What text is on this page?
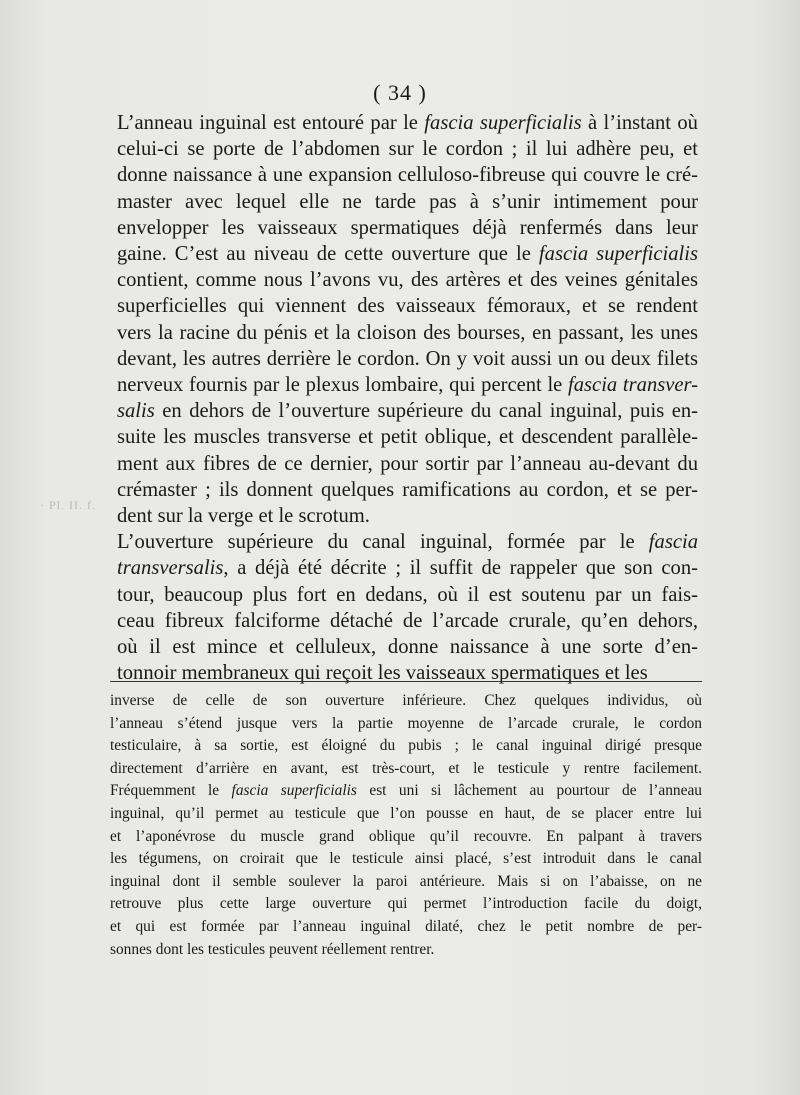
( 34 )

L’anneau inguinal est entouré par le fascia superficialis à l’instant où
celui-ci se porte de l’abdomen sur le cordon ; il lui adhère peu, et
donne naissance à une expansion celluloso-fibreuse qui couvre le cré-
master avec lequel elle ne tarde pas à s’unir intimement pour
envelopper les vaisseaux spermatiques déjà renfermés dans leur
gaine. C’est au niveau de cette ouverture que le fascia superficialis
contient, comme nous l’avons vu, des artères et des veines génitales
superficielles qui viennent des vaisseaux fémoraux, et se rendent
vers la racine du pénis et la cloison des bourses, en passant, les unes
devant, les autres derrière le cordon. On y voit aussi un ou deux filets
nerveux fournis par le plexus lombaire, qui percent le fascia transver-
salis en dehors de l’ouverture supérieure du canal inguinal, puis en-
suite les muscles transverse et petit oblique, et descendent parallèle-
ment aux fibres de ce dernier, pour sortir par l’anneau au-devant du
crémaster ; ils donnent quelques ramifications au cordon, et se per-
dent sur la verge et le scrotum.

L’ouverture supérieure du canal inguinal, formée par le fascia
transversalis, a déjà été décrite ; il suffit de rappeler que son con-
tour, beaucoup plus fort en dedans, où il est soutenu par un fais-
ceau fibreux falciforme détaché de l’arcade crurale, qu’en dehors,
où il est mince et celluleux, donne naissance à une sorte d’en-
tonnoir membraneux qui reçoit les vaisseaux spermatiques et les

· Pl. II. f.
inverse de celle de son ouverture inférieure. Chez quelques individus, où
l’anneau s’étend jusque vers la partie moyenne de l’arcade crurale, le cordon
testiculaire, à sa sortie, est éloigné du pubis ; le canal inguinal dirigé presque
directement d’arrière en avant, est très-court, et le testicule y rentre facilement.
Fréquemment le fascia superficialis est uni si lâchement au pourtour de l’anneau
inguinal, qu’il permet au testicule que l’on pousse en haut, de se placer entre lui
et l’aponévrose du muscle grand oblique qu’il recouvre. En palpant à travers
les tégumens, on croirait que le testicule ainsi placé, s’est introduit dans le canal
inguinal dont il semble soulever la paroi antérieure. Mais si on l’abaisse, on ne
retrouve plus cette large ouverture qui permet l’introduction facile du doigt,
et qui est formée par l’anneau inguinal dilaté, chez le petit nombre de per-
sonnes dont les testicules peuvent réellement rentrer.
